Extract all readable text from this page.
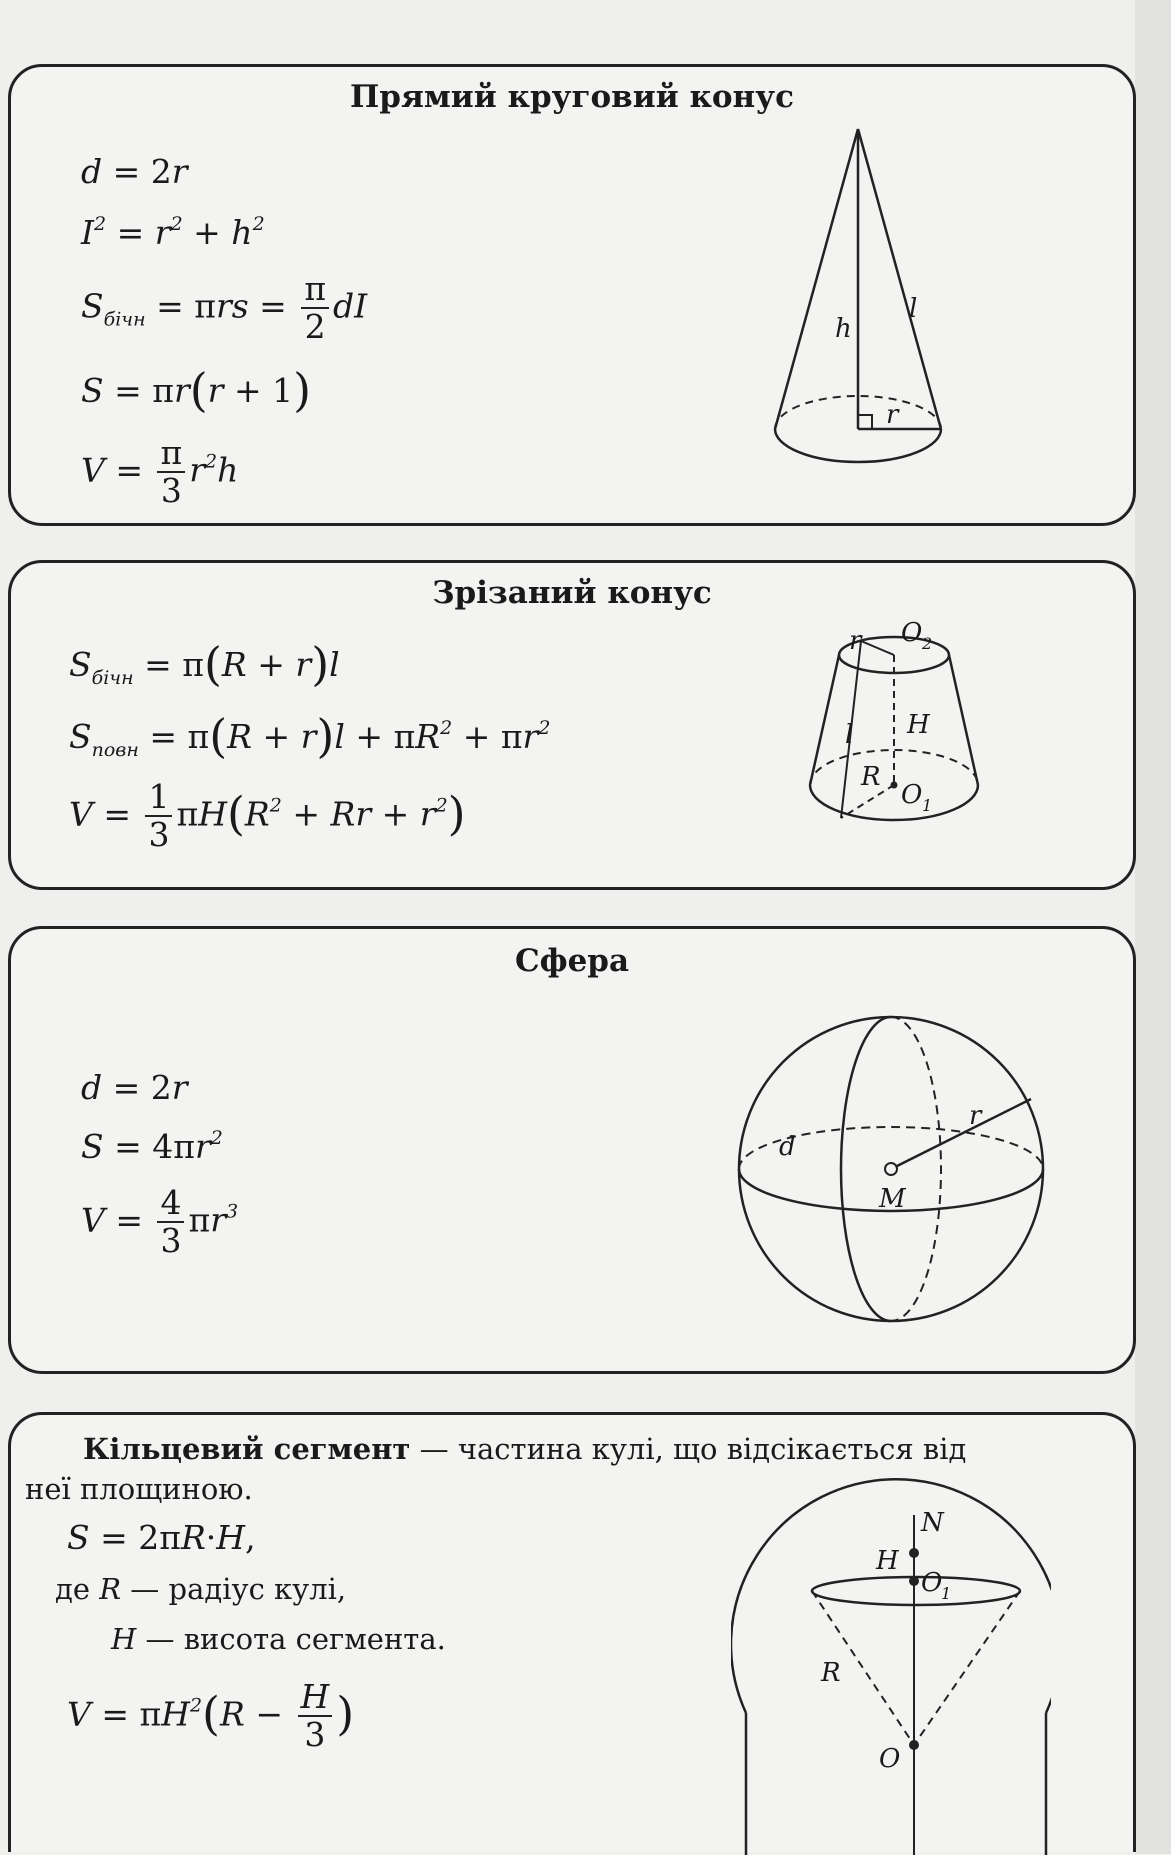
Прямий круговий конус
d = 2r
$I^2 = r^2 + h^2$
$S_{бічн} = \pi rs = \frac{\pi}{2}$ dI
S = πr(r + 1)
$V = \frac{\pi}{3} r^2h$
h
l
r
Зрізаний конус
$S_{бічн} = \pi(R + r)l$
$S_{повн} = \pi(R + r)l + \pi R^2 + \pi r^2$
$V = \frac{1}{3} \pi H(R^2 + Rr + r^2)$
r O 2
H
l
R
O 1
Сфера
d = 2r
$S = 4\pi r^2$
$V = \frac{4}{3} \pi r^3$
r
d
M
Кільцевий сегмент — частина кулі, що відсікається від
неї площиною.
S = 2πR·H,
де R — радіус кулі,
H — висота сегмента.
$V = \pi H^2(R - \frac{H}{3}$ )
N
H
O
1
R
O
